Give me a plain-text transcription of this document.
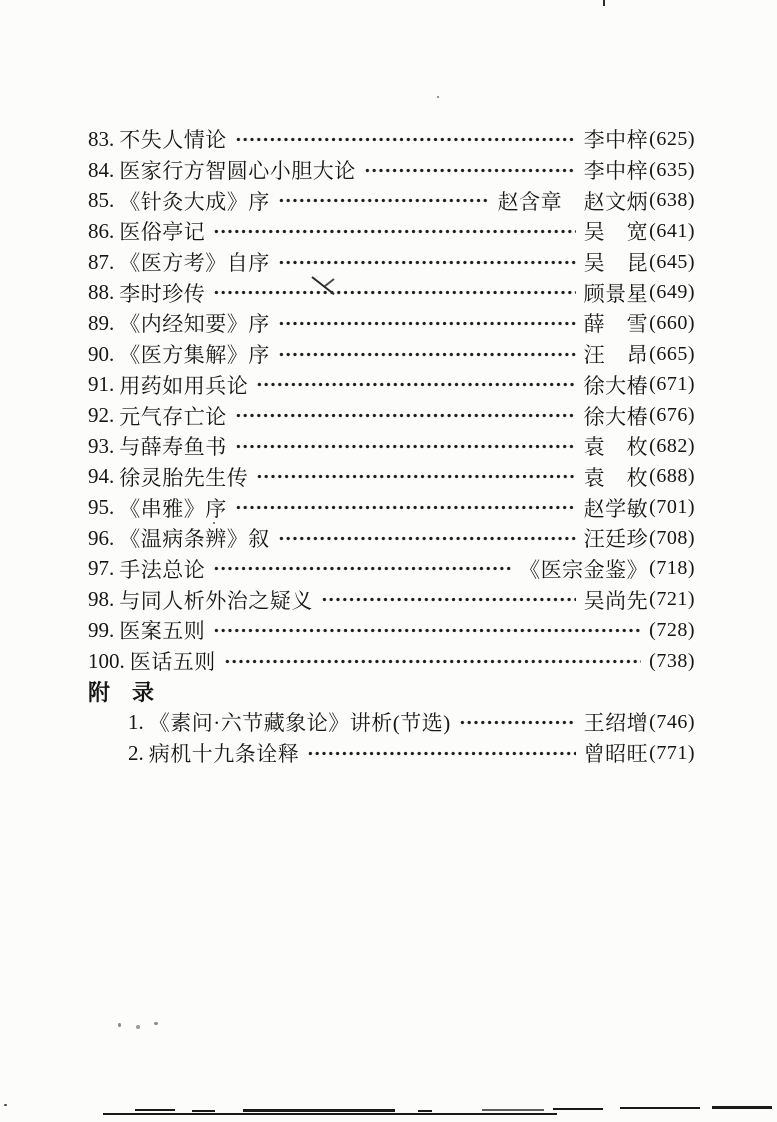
83. 不失人情论	李中梓 (625)
84. 医家行方智圆心小胆大论	李中梓 (635)
85. 《针灸大成》序	赵含章　赵文炳 (638)
86. 医俗亭记	吴　宽 (641)
87. 《医方考》自序	吴　昆 (645)
88. 李时珍传	顾景星 (649)
89. 《内经知要》序	薛　雪 (660)
90. 《医方集解》序	汪　昂 (665)
91. 用药如用兵论	徐大椿 (671)
92. 元气存亡论	徐大椿 (676)
93. 与薛寿鱼书	袁　枚 (682)
94. 徐灵胎先生传	袁　枚 (688)
95. 《串雅》序	赵学敏 (701)
96. 《温病条辨》叙	汪廷珍 (708)
97. 手法总论	《医宗金鉴》 (718)
98. 与同人析外治之疑义	吴尚先 (721)
99. 医案五则	(728)
100. 医话五则	(738)
附　录
1. 《素问·六节藏象论》讲析(节选)	王绍增 (746)
2. 病机十九条诠释	曾昭旺 (771)
